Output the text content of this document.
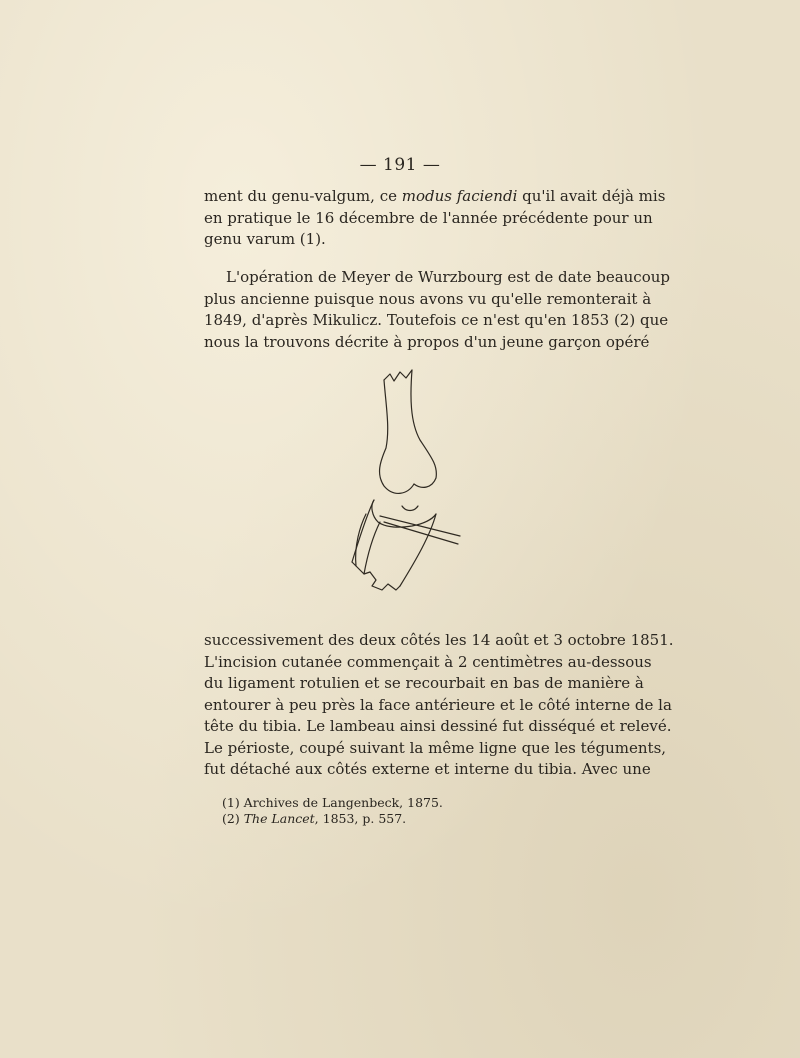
— 191 —

ment du genu-valgum, ce modus faciendi qu'il avait déjà mis
en pratique le 16 décembre de l'année précédente pour un
genu varum (1).

L'opération de Meyer de Wurzbourg est de date beaucoup
plus ancienne puisque nous avons vu qu'elle remonterait à
1849, d'après Mikulicz. Toutefois ce n'est qu'en 1853 (2) que
nous la trouvons décrite à propos d'un jeune garçon opéré

successivement des deux côtés les 14 août et 3 octobre 1851.
L'incision cutanée commençait à 2 centimètres au-dessous
du ligament rotulien et se recourbait en bas de manière à
entourer à peu près la face antérieure et le côté interne de la
tête du tibia. Le lambeau ainsi dessiné fut disséqué et relevé.
Le périoste, coupé suivant la même ligne que les téguments,
fut détaché aux côtés externe et interne du tibia. Avec une

(1) Archives de Langenbeck, 1875.
(2) The Lancet, 1853, p. 557.
